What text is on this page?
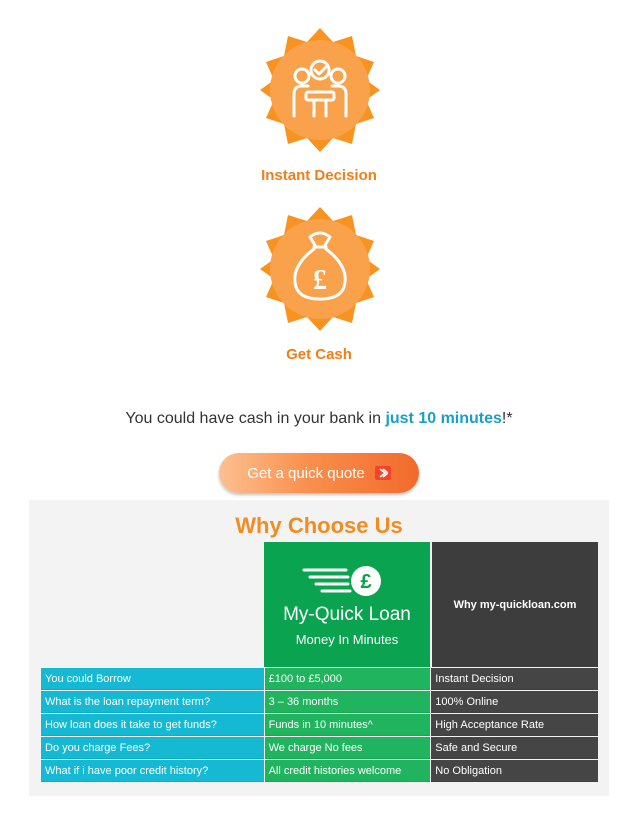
Instant Decision
£
Get Cash
You could have cash in your bank in just 10 minutes!*
Get a quick quote
Why Choose Us
£
My-Quick Loan
Money In Minutes
Why my-quickloan.com
You could Borrow	£100 to £5,000	Instant Decision
What is the loan repayment term?	3 – 36 months	100% Online
How loan does it take to get funds?	Funds in 10 minutes^	High Acceptance Rate
Do you charge Fees?	We charge No fees	Safe and Secure
What if i have poor credit history?	All credit histories welcome	No Obligation
